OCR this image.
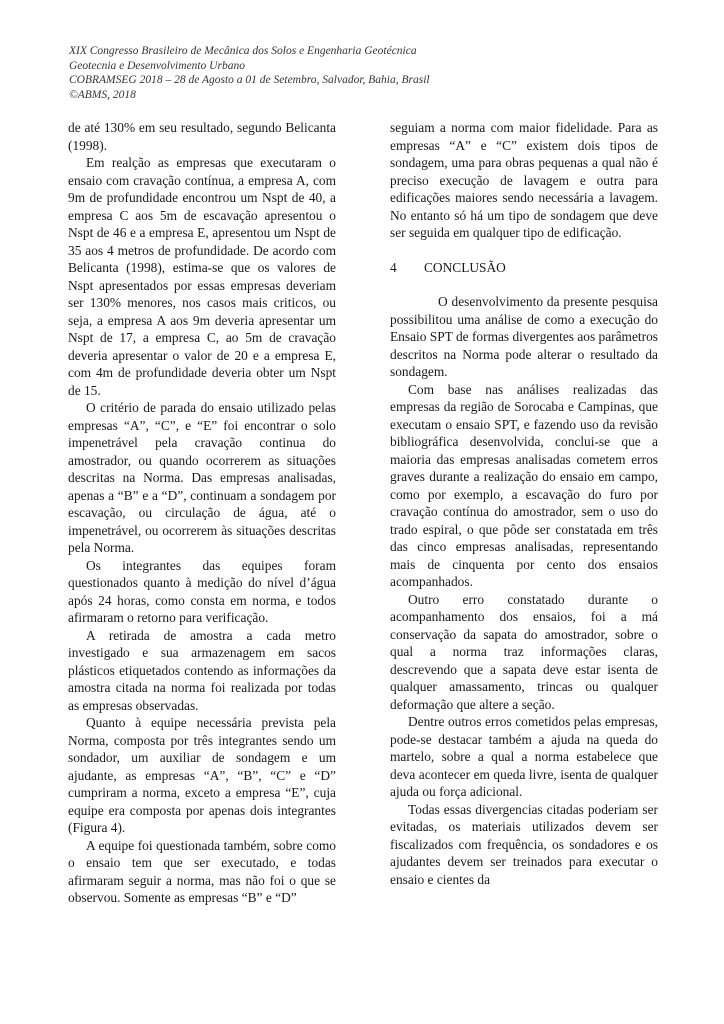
XIX Congresso Brasileiro de Mecânica dos Solos e Engenharia Geotécnica
Geotecnia e Desenvolvimento Urbano
COBRAMSEG 2018 – 28 de Agosto a 01 de Setembro, Salvador, Bahia, Brasil
©ABMS, 2018

de até 130% em seu resultado, segundo Belicanta (1998).

Em realção as empresas que executaram o ensaio com cravação contínua, a empresa A, com 9m de profundidade encontrou um Nspt de 40, a empresa C aos 5m de escavação apresentou o Nspt de 46 e a empresa E, apresentou um Nspt de 35 aos 4 metros de profundidade. De acordo com Belicanta (1998), estima-se que os valores de Nspt apresentados por essas empresas deveriam ser 130% menores, nos casos mais criticos, ou seja, a empresa A aos 9m deveria apresentar um Nspt de 17, a empresa C, ao 5m de cravação deveria apresentar o valor de 20 e a empresa E, com 4m de profundidade deveria obter um Nspt de 15.

O critério de parada do ensaio utilizado pelas empresas “A”, “C”, e “E” foi encontrar o solo impenetrável pela cravação continua do amostrador, ou quando ocorrerem as situações descritas na Norma. Das empresas analisadas, apenas a “B” e a “D”, continuam a sondagem por escavação, ou circulação de água, até o impenetrável, ou ocorrerem às situações descritas pela Norma.

Os integrantes das equipes foram questionados quanto à medição do nível d’água após 24 horas, como consta em norma, e todos afirmaram o retorno para verificação.

A retirada de amostra a cada metro investigado e sua armazenagem em sacos plásticos etiquetados contendo as informações da amostra citada na norma foi realizada por todas as empresas observadas.

Quanto à equipe necessária prevista pela Norma, composta por três integrantes sendo um sondador, um auxiliar de sondagem e um ajudante, as empresas “A”, “B”, “C” e “D” cumpriram a norma, exceto a empresa “E”, cuja equipe era composta por apenas dois integrantes (Figura 4).

A equipe foi questionada também, sobre como o ensaio tem que ser executado, e todas afirmaram seguir a norma, mas não foi o que se observou. Somente as empresas “B” e “D”

seguiam a norma com maior fidelidade. Para as empresas “A” e “C” existem dois tipos de sondagem, uma para obras pequenas a qual não é preciso execução de lavagem e outra para edificações maiores sendo necessária a lavagem. No entanto só há um tipo de sondagem que deve ser seguida em qualquer tipo de edificação.

4	CONCLUSÃO

O desenvolvimento da presente pesquisa possibilitou uma análise de como a execução do Ensaio SPT de formas divergentes aos parâmetros descritos na Norma pode alterar o resultado da sondagem.

Com base nas análises realizadas das empresas da região de Sorocaba e Campinas, que executam o ensaio SPT, e fazendo uso da revisão bibliográfica desenvolvida, conclui-se que a maioria das empresas analisadas cometem erros graves durante a realização do ensaio em campo, como por exemplo, a escavação do furo por cravação contínua do amostrador, sem o uso do trado espiral, o que pôde ser constatada em três das cinco empresas analisadas, representando mais de cinquenta por cento dos ensaios acompanhados.

Outro erro constatado durante o acompanhamento dos ensaios, foi a má conservação da sapata do amostrador, sobre o qual a norma traz informações claras, descrevendo que a sapata deve estar isenta de qualquer amassamento, trincas ou qualquer deformação que altere a seção.

Dentre outros erros cometidos pelas empresas, pode-se destacar também a ajuda na queda do martelo, sobre a qual a norma estabelece que deva acontecer em queda livre, isenta de qualquer ajuda ou força adicional.

Todas essas divergencias citadas poderiam ser evitadas, os materiais utilizados devem ser fiscalizados com frequência, os sondadores e os ajudantes devem ser treinados para executar o ensaio e cientes da
